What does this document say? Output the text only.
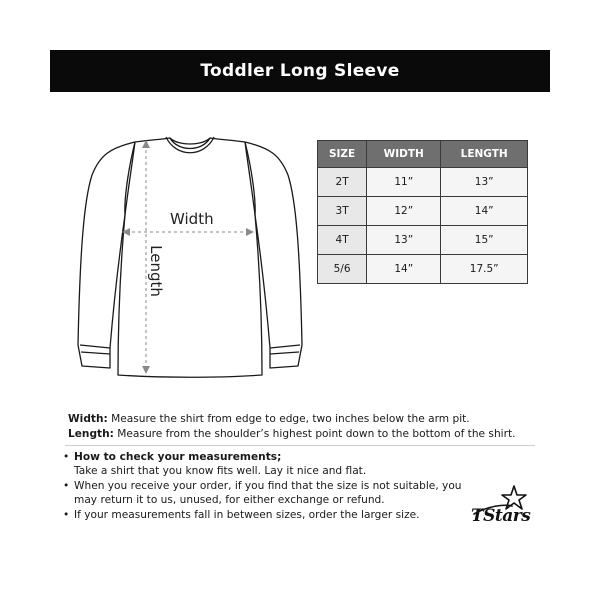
Toddler Long Sleeve
Width
Length
SIZE	WIDTH	LENGTH
2T	11”	13”
3T	12”	14”
4T	13”	15”
5/6	14”	17.5”
Width: Measure the shirt from edge to edge, two inches below the arm pit.
Length: Measure from the shoulder’s highest point down to the bottom of the shirt.
• How to check your measurements;
Take a shirt that you know fits well. Lay it nice and flat.
• When you receive your order, if you find that the size is not suitable, you may return it to us, unused, for either exchange or refund.
• If your measurements fall in between sizes, order the larger size.	TStars
